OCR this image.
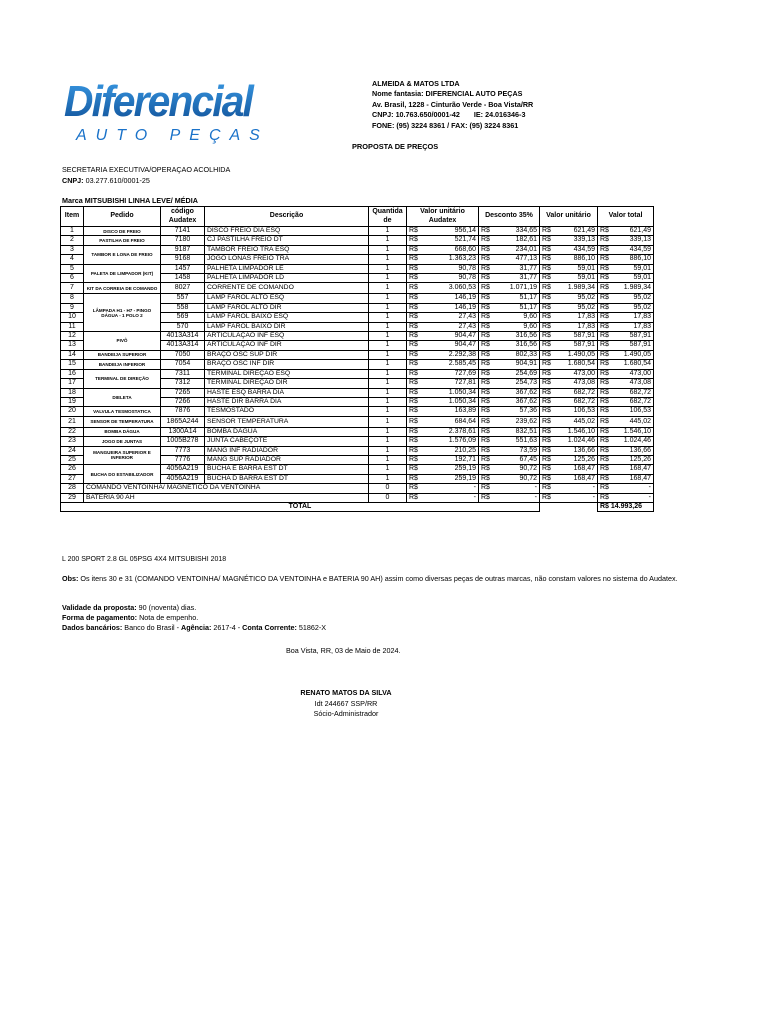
Diferencial
AUTO PEÇAS
ALMEIDA & MATOS LTDA
Nome fantasia: DIFERENCIAL AUTO PEÇAS
Av. Brasil, 1228 - Cinturão Verde - Boa Vista/RR
CNPJ: 10.763.650/0001-42       IE: 24.016346-3
FONE: (95) 3224 8361 / FAX: (95) 3224 8361
PROPOSTA DE PREÇOS
SECRETARIA EXECUTIVA/OPERAÇAO ACOLHIDA
CNPJ: 03.277.610/0001-25
Marca MITSUBISHI LINHA LEVE/ MÉDIA
Item	Pedido	código Audatex	Descrição	Quantida de	Valor unitário Audatex	Desconto 35%	Valor unitário	Valor total
1	DISCO DE FREIO	7141	DISCO FREIO DIA ESQ	1	R$ 956,14	R$ 334,65	R$ 621,49	R$ 621,49

2	PASTILHA DE FREIO	7180	CJ PASTILHA FREIO DT	1	R$ 521,74	R$ 182,61	R$ 339,13	R$ 339,13

3	TAMBOR E LONA DE FREIO	9187	TAMBOR FREIO TRA ESQ	1	R$ 668,60	R$ 234,01	R$ 434,59	R$ 434,59

4		9168	JOGO LONAS FREIO TRA	1	R$ 1.363,23	R$ 477,13	R$ 886,10	R$ 886,10

5	PALETA DE LIMPADOR (KIT)	1457	PALHETA LIMPADOR LE	1	R$ 90,78	R$ 31,77	R$ 59,01	R$ 59,01

6		1458	PALHETA LIMPADOR LD	1	R$ 90,78	R$ 31,77	R$ 59,01	R$ 59,01

7	KIT DA CORREIA DE COMANDO	8027	CORRENTE DE COMANDO	1	R$ 3.060,53	R$ 1.071,19	R$ 1.989,34	R$ 1.989,34

8	LÂMPADA H1 - H7 - PINGO DÁGUA - 1 POLO 2	557	LAMP FAROL ALTO ESQ	1	R$ 146,19	R$ 51,17	R$ 95,02	R$ 95,02

9		558	LAMP FAROL ALTO DIR	1	R$ 146,19	R$ 51,17	R$ 95,02	R$ 95,02

10		569	LAMP FAROL BAIXO ESQ	1	R$ 27,43	R$ 9,60	R$ 17,83	R$ 17,83

11		570	LAMP FAROL BAIXO DIR	1	R$ 27,43	R$ 9,60	R$ 17,83	R$ 17,83

12	PIVÔ	4013A314	ARTICULAÇÃO INF ESQ	1	R$ 904,47	R$ 316,56	R$ 587,91	R$ 587,91

13		4013A314	ARTICULAÇÃO INF DIR	1	R$ 904,47	R$ 316,56	R$ 587,91	R$ 587,91

14	BANDEIJA SUPERIOR	7050	BRAÇO OSC SUP DIR	1	R$ 2.292,38	R$ 802,33	R$ 1.490,05	R$ 1.490,05

15	BANDEIJA INFERIOR	7054	BRAÇO OSC INF DIR	1	R$ 2.585,45	R$ 904,91	R$ 1.680,54	R$ 1.680,54

16	TERMINAL DE DIREÇÃO	7311	TERMINAL DIREÇÃO ESQ	1	R$ 727,69	R$ 254,69	R$ 473,00	R$ 473,00

17		7312	TERMINAL DIREÇÃO DIR	1	R$ 727,81	R$ 254,73	R$ 473,08	R$ 473,08

18	DIELETA	7265	HASTE ESQ BARRA DIA	1	R$ 1.050,34	R$ 367,62	R$ 682,72	R$ 682,72

19		7266	HASTE DIR BARRA DIA	1	R$ 1.050,34	R$ 367,62	R$ 682,72	R$ 682,72

20	VALVULA TESMOSTATICA	7876	TESMOSTADO	1	R$ 163,89	R$ 57,36	R$ 106,53	R$ 106,53

21	SENSOR DE TEMPERATURA	1865A244	SENSOR TEMPERATURA	1	R$ 684,64	R$ 239,62	R$ 445,02	R$ 445,02

22	BOMBA DÁGUA	1300A14	BOMBA DÁGUA	1	R$ 2.378,61	R$ 832,51	R$ 1.546,10	R$ 1.546,10

23	JOGO DE JUNTAS	1005B278	JUNTA CABEÇOTE	1	R$ 1.576,09	R$ 551,63	R$ 1.024,46	R$ 1.024,46

24	MANGUEIRA SUPERIOR E INFERIOR	7773	MANG INF RADIADOR	1	R$ 210,25	R$ 73,59	R$ 136,66	R$ 136,66

25		7776	MANG SUP RADIADOR	1	R$ 192,71	R$ 67,45	R$ 125,26	R$ 125,26

26	BUCHA DO ESTABILIZADOR	4056A219	BUCHA E BARRA EST DT	1	R$ 259,19	R$ 90,72	R$ 168,47	R$ 168,47

27		4056A219	BUCHA D BARRA EST DT	1	R$ 259,19	R$ 90,72	R$ 168,47	R$ 168,47

28	COMANDO VENTOINHA/ MAGNÉTICO DA VENTOINHA			0	R$ -	R$ -	R$ -	R$ -

29	BATERIA 90 AH			0	R$ -	R$ -	R$ -	R$ -

TOTAL								R$ 14.993,26
L 200 SPORT 2.8 GL 05PSG 4X4 MITSUBISHI 2018
Obs: Os itens 30 e 31 (COMANDO VENTOINHA/ MAGNÉTICO DA VENTOINHA e BATERIA 90 AH) assim como diversas peças de outras marcas, não constam valores no sistema do Audatex.
Validade da proposta: 90 (noventa) dias.
Forma de pagamento: Nota de empenho.
Dados bancários: Banco do Brasil - Agência: 2617-4 - Conta Corrente: 51862-X
Boa Vista, RR, 03 de Maio de 2024.
RENATO MATOS DA SILVA
Idt 244667 SSP/RR
Sócio-Administrador
